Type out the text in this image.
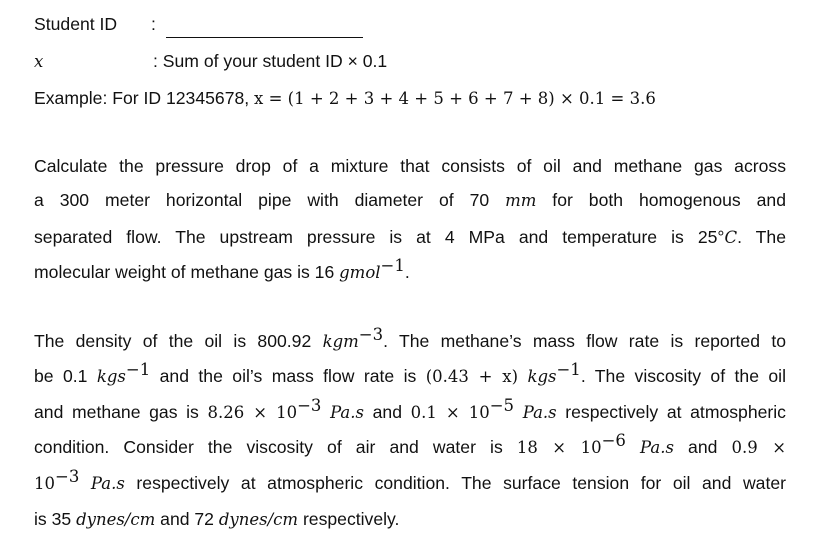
Student ID :
x	: Sum of your student ID × 0.1
Example: For ID 12345678, x = (1 + 2 + 3 + 4 + 5 + 6 + 7 + 8) × 0.1 = 3.6
Calculate the pressure drop of a mixture that consists of oil and methane gas across
a 300 meter horizontal pipe with diameter of 70 mm for both homogenous and
separated flow. The upstream pressure is at 4 MPa and temperature is 25°C. The
molecular weight of methane gas is 16 gmol$^{-1}$.
The density of the oil is 800.92 kgm$^{-3}$. The methane’s mass flow rate is reported to
be 0.1 kgs$^{-1}$ and the oil’s mass flow rate is (0.43 + x) kgs$^{-1}$. The viscosity of the oil
and methane gas is $8.26 \times 10^{-3}$ Pa.s and $0.1 \times 10^{-5}$ Pa.s respectively at atmospheric
condition. Consider the viscosity of air and water is $18 \times 10^{-6}$ Pa.s and 0.9 ×
$10^{-3}$ Pa.s respectively at atmospheric condition. The surface tension for oil and water
is 35 dynes/cm and 72 dynes/cm respectively.
